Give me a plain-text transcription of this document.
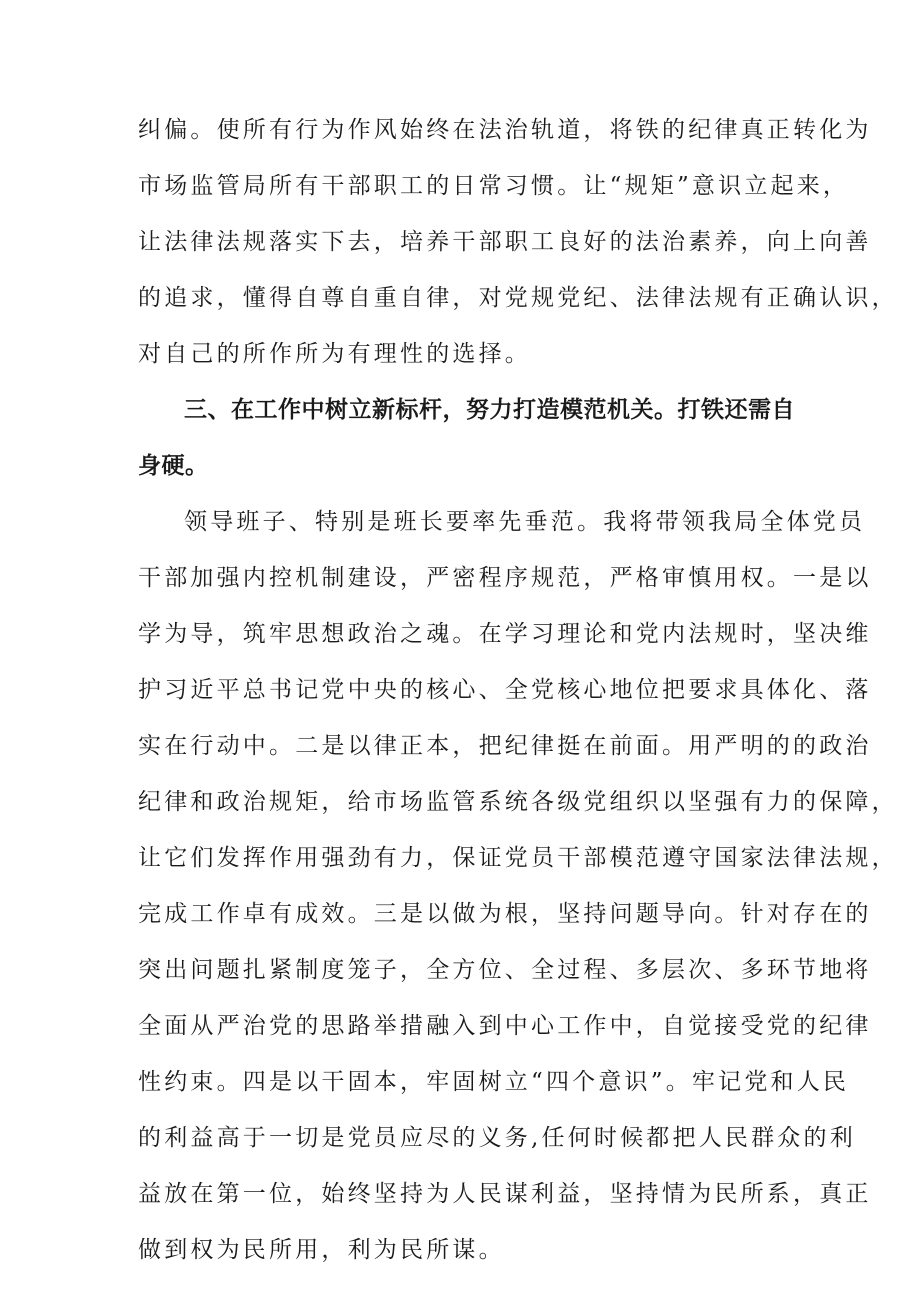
纠偏。使所有行为作风始终在法治轨道，将铁的纪律真正转化为
市场监管局所有干部职工的日常习惯。让“规矩”意识立起来，
让法律法规落实下去，培养干部职工良好的法治素养，向上向善
的追求，懂得自尊自重自律，对党规党纪、法律法规有正确认识，
对自己的所作所为有理性的选择。
三、在工作中树立新标杆，努力打造模范机关。打铁还需自
身硬。
领导班子、特别是班长要率先垂范。我将带领我局全体党员
干部加强内控机制建设，严密程序规范，严格审慎用权。一是以
学为导，筑牢思想政治之魂。在学习理论和党内法规时，坚决维
护习近平总书记党中央的核心、全党核心地位把要求具体化、落
实在行动中。二是以律正本，把纪律挺在前面。用严明的的政治
纪律和政治规矩，给市场监管系统各级党组织以坚强有力的保障，
让它们发挥作用强劲有力，保证党员干部模范遵守国家法律法规，
完成工作卓有成效。三是以做为根，坚持问题导向。针对存在的
突出问题扎紧制度笼子，全方位、全过程、多层次、多环节地将
全面从严治党的思路举措融入到中心工作中，自觉接受党的纪律
性约束。四是以干固本，牢固树立“四个意识”。牢记党和人民
的利益高于一切是党员应尽的义务,任何时候都把人民群众的利
益放在第一位，始终坚持为人民谋利益，坚持情为民所系，真正
做到权为民所用，利为民所谋。
